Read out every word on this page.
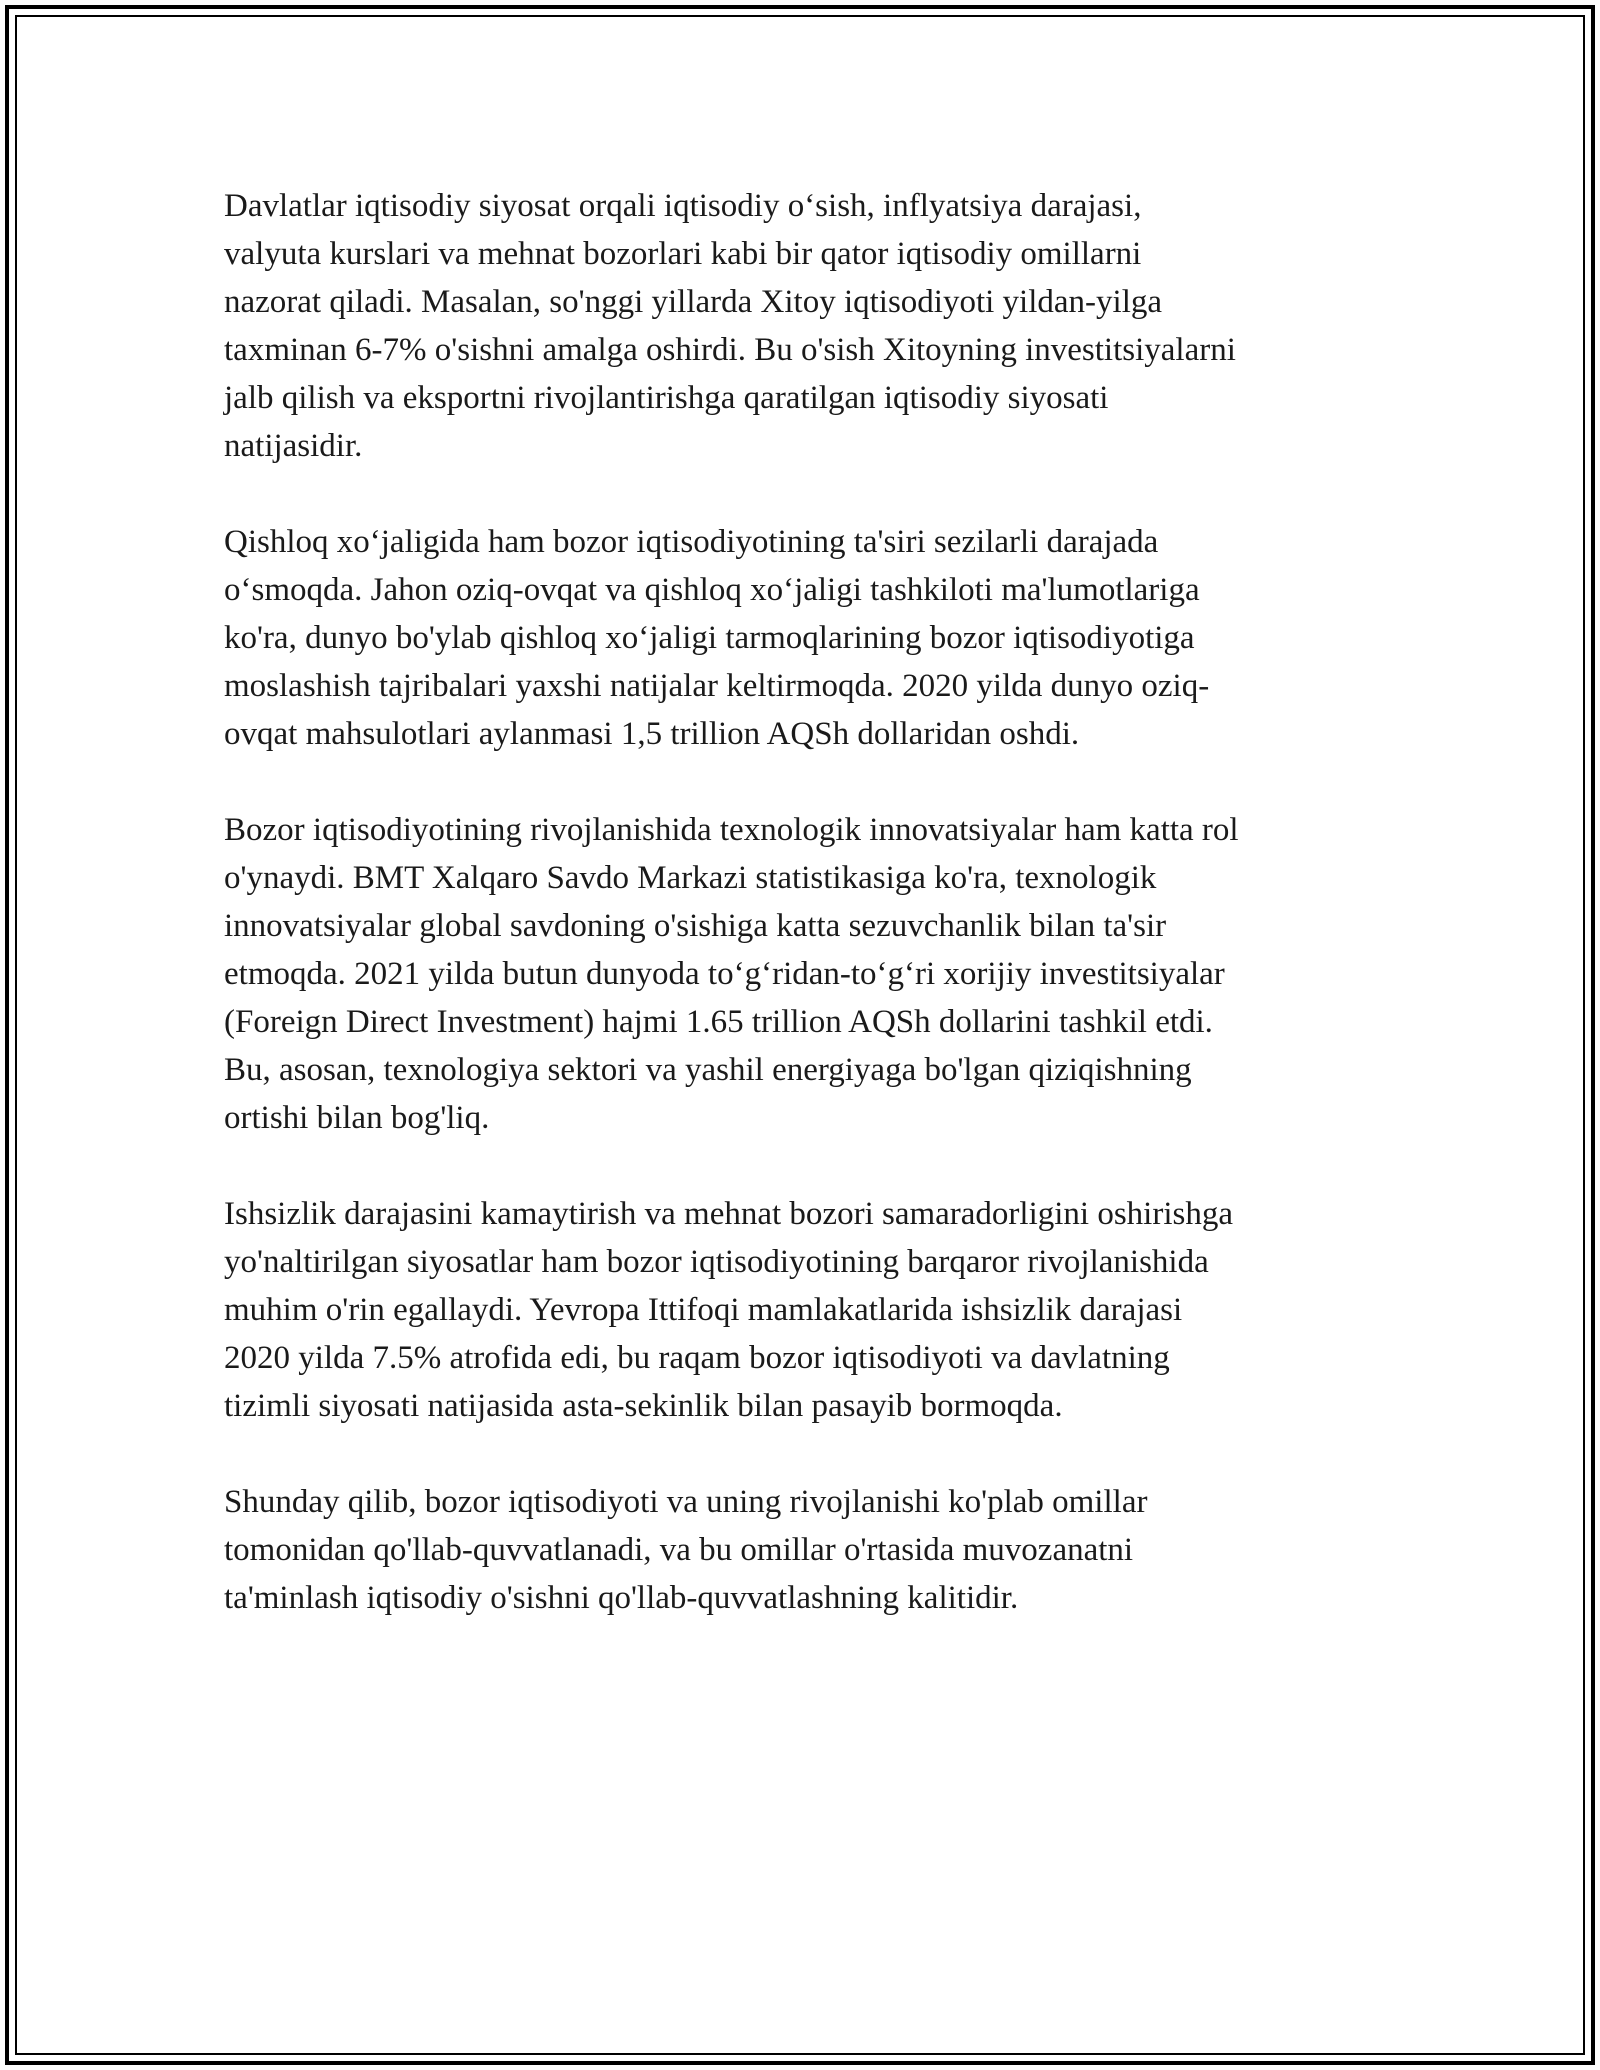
Davlatlar iqtisodiy siyosat orqali iqtisodiy o‘sish, inflyatsiya darajasi,
valyuta kurslari va mehnat bozorlari kabi bir qator iqtisodiy omillarni
nazorat qiladi. Masalan, so'nggi yillarda Xitoy iqtisodiyoti yildan-yilga
taxminan 6-7% o'sishni amalga oshirdi. Bu o'sish Xitoyning investitsiyalarni
jalb qilish va eksportni rivojlantirishga qaratilgan iqtisodiy siyosati
natijasidir.

Qishloq xo‘jaligida ham bozor iqtisodiyotining ta'siri sezilarli darajada
o‘smoqda. Jahon oziq-ovqat va qishloq xo‘jaligi tashkiloti ma'lumotlariga
ko'ra, dunyo bo'ylab qishloq xo‘jaligi tarmoqlarining bozor iqtisodiyotiga
moslashish tajribalari yaxshi natijalar keltirmoqda. 2020 yilda dunyo oziq-
ovqat mahsulotlari aylanmasi 1,5 trillion AQSh dollaridan oshdi.

Bozor iqtisodiyotining rivojlanishida texnologik innovatsiyalar ham katta rol
o'ynaydi. BMT Xalqaro Savdo Markazi statistikasiga ko'ra, texnologik
innovatsiyalar global savdoning o'sishiga katta sezuvchanlik bilan ta'sir
etmoqda. 2021 yilda butun dunyoda to‘g‘ridan-to‘g‘ri xorijiy investitsiyalar
(Foreign Direct Investment) hajmi 1.65 trillion AQSh dollarini tashkil etdi.
Bu, asosan, texnologiya sektori va yashil energiyaga bo'lgan qiziqishning
ortishi bilan bog'liq.

Ishsizlik darajasini kamaytirish va mehnat bozori samaradorligini oshirishga
yo'naltirilgan siyosatlar ham bozor iqtisodiyotining barqaror rivojlanishida
muhim o'rin egallaydi. Yevropa Ittifoqi mamlakatlarida ishsizlik darajasi
2020 yilda 7.5% atrofida edi, bu raqam bozor iqtisodiyoti va davlatning
tizimli siyosati natijasida asta-sekinlik bilan pasayib bormoqda.

Shunday qilib, bozor iqtisodiyoti va uning rivojlanishi ko'plab omillar
tomonidan qo'llab-quvvatlanadi, va bu omillar o'rtasida muvozanatni
ta'minlash iqtisodiy o'sishni qo'llab-quvvatlashning kalitidir.
